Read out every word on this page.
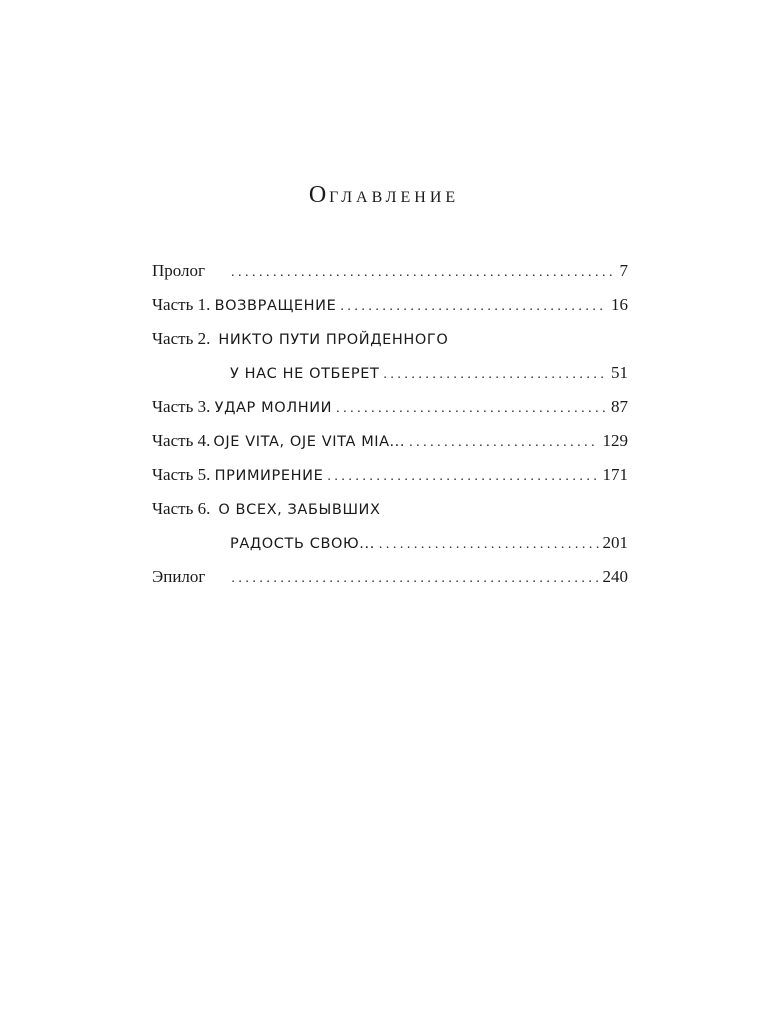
ОГЛАВЛЕНИЕ
Пролог . . .	7
Часть 1. ВОЗВРАЩЕНИЕ . . .	16
Часть 2. НИКТО ПУТИ ПРОЙДЕННОГО
У НАС НЕ ОТБЕРЕТ . . .	51
Часть 3. УДАР МОЛНИИ . . .	87
Часть 4. OJE VITA, OJE VITA MIA... . . .	129
Часть 5. ПРИМИРЕНИЕ . . .	171
Часть 6. О ВСЕХ, ЗАБЫВШИХ
РАДОСТЬ СВОЮ... . . .	201
Эпилог . . .	240
